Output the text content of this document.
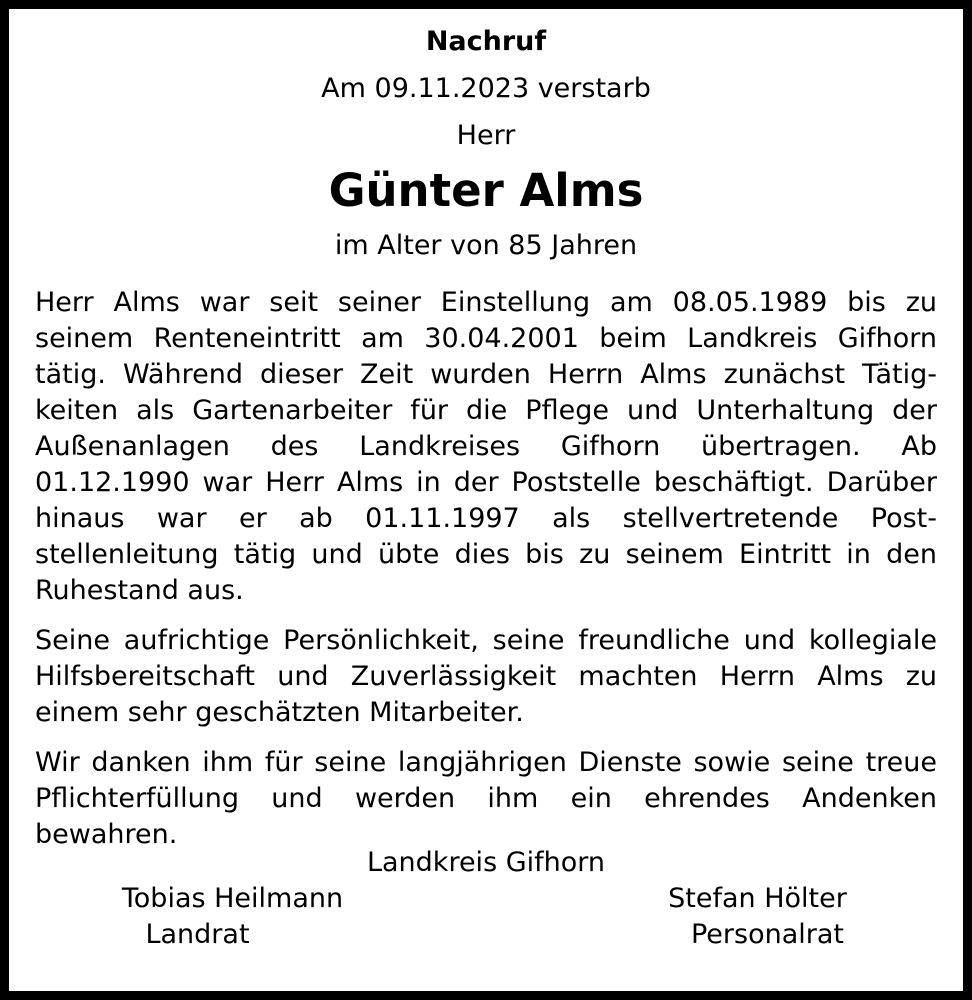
Nachruf
Am 09.11.2023 verstarb
Herr
Günter Alms
im Alter von 85 Jahren

Herr Alms war seit seiner Einstellung am 08.05.1989 bis zu seinem Renteneintritt am 30.04.2001 beim Landkreis Gifhorn tätig. Während dieser Zeit wurden Herrn Alms zunächst Tätigkeiten als Gartenarbeiter für die Pflege und Unterhaltung der Außenanlagen des Landkreises Gifhorn übertragen. Ab 01.12.1990 war Herr Alms in der Poststelle beschäftigt. Darüber hinaus war er ab 01.11.1997 als stellvertretende Poststellenleitung tätig und übte dies bis zu seinem Eintritt in den Ruhestand aus.

Seine aufrichtige Persönlichkeit, seine freundliche und kollegiale Hilfsbereitschaft und Zuverlässigkeit machten Herrn Alms zu einem sehr geschätzten Mitarbeiter.

Wir danken ihm für seine langjährigen Dienste sowie seine treue Pflichterfüllung und werden ihm ein ehrendes Andenken bewahren.

Landkreis Gifhorn
Tobias Heilmann
Landrat
Stefan Hölter
Personalrat
